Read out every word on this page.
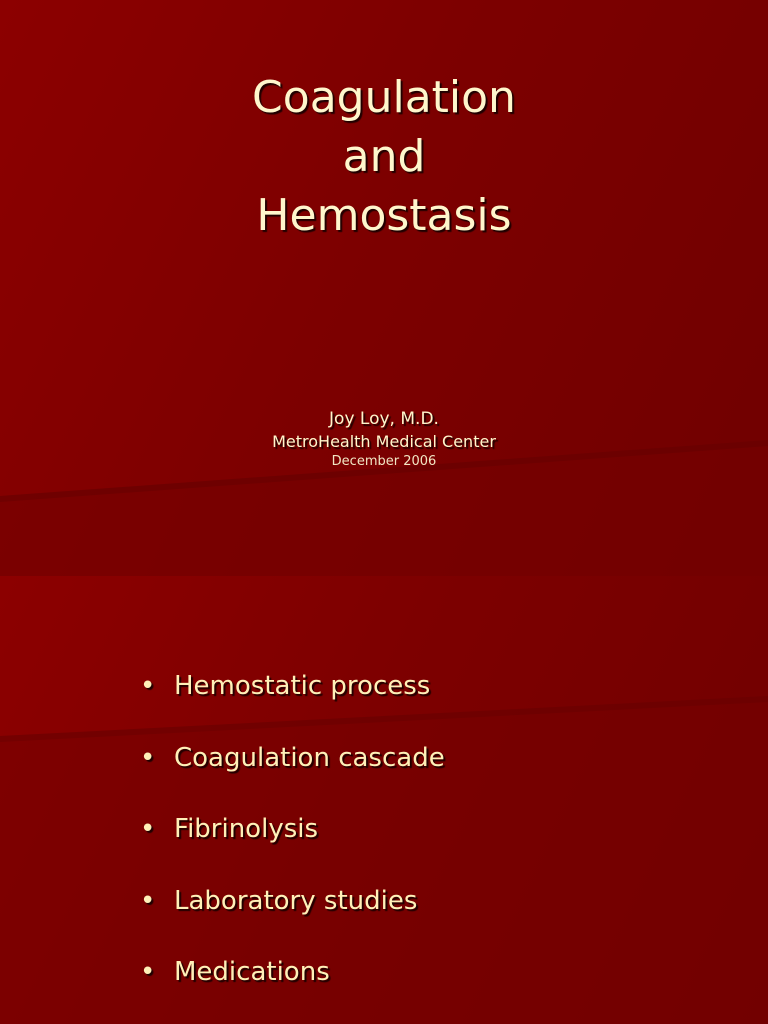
Coagulation
and
Hemostasis
Joy Loy, M.D.
MetroHealth Medical Center
December 2006
• Hemostatic process
• Coagulation cascade
• Fibrinolysis
• Laboratory studies
• Medications
